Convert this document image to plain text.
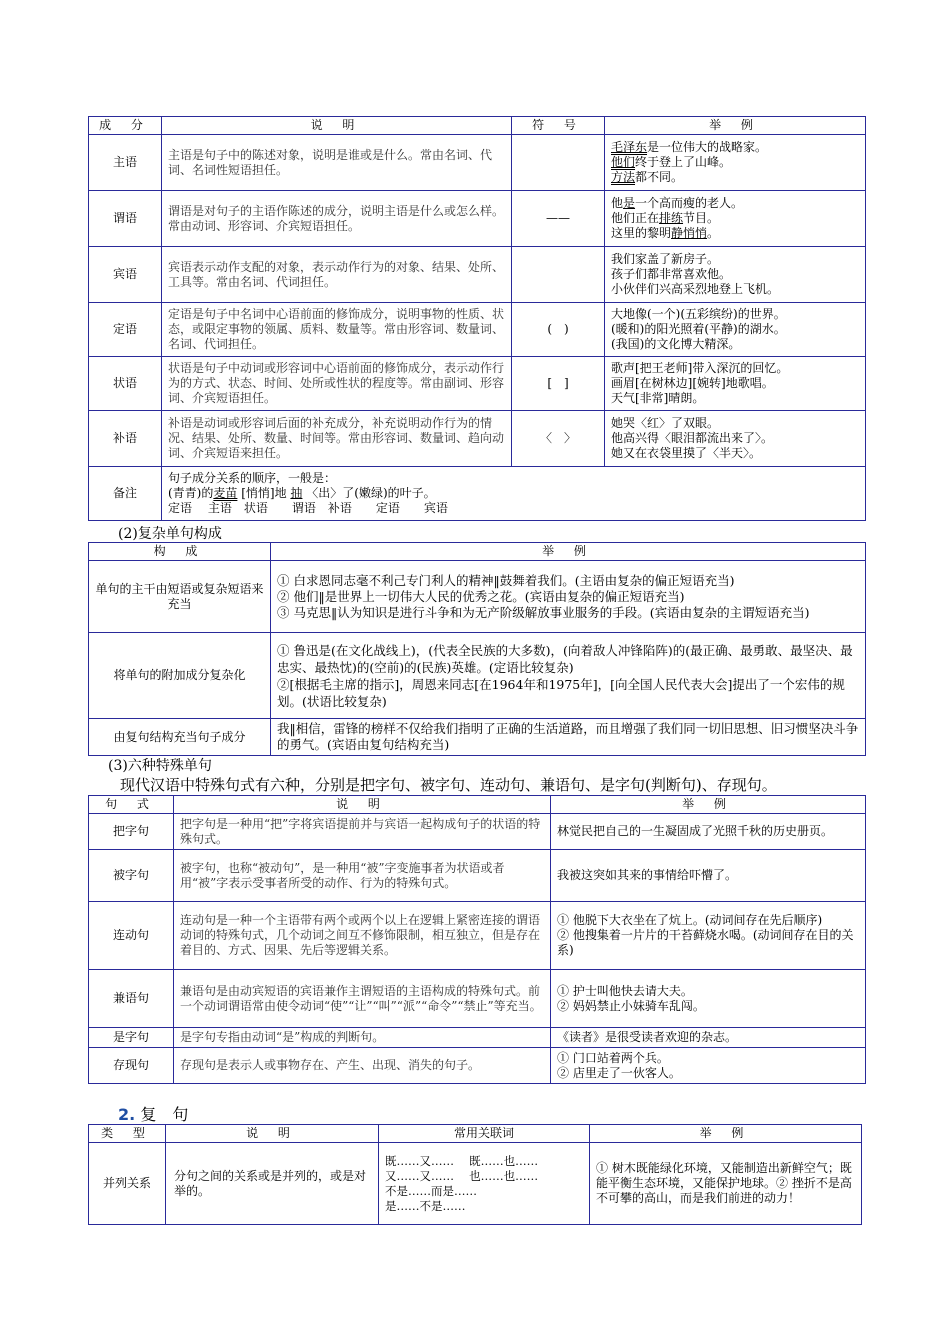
成 分	说 明	符 号	举 例
主语	主语是句子中的陈述对象，说明是谁或是什么。常由名词、代词、名词性短语担任。		毛泽东是一位伟大的战略家。
他们终于登上了山峰。
方法都不同。

谓语	谓语是对句子的主语作陈述的成分，说明主语是什么或怎么样。常由动词、形容词、介宾短语担任。	——	他是一个高而瘦的老人。
他们正在排练节目。
这里的黎明静悄悄。

宾语	宾语表示动作支配的对象，表示动作行为的对象、结果、处所、工具等。常由名词、代词担任。		我们家盖了新房子。
孩子们都非常喜欢他。
小伙伴们兴高采烈地登上飞机。

定语	定语是句子中名词中心语前面的修饰成分，说明事物的性质、状态，或限定事物的领属、质料、数量等。常由形容词、数量词、名词、代词担任。	(　)	大地像(一个)(五彩缤纷)的世界。
(暖和)的阳光照着(平静)的湖水。
(我国)的文化博大精深。

状语	状语是句子中动词或形容词中心语前面的修饰成分，表示动作行为的方式、状态、时间、处所或性状的程度等。常由副词、形容词、介宾短语担任。	[　]	歌声[把王老师]带入深沉的回忆。
画眉[在树林边][婉转]地歌唱。
天气[非常]晴朗。

补语	补语是动词或形容词后面的补充成分，补充说明动作行为的情况、结果、处所、数量、时间等。常由形容词、数量词、趋向动词、介宾短语来担任。	〈　〉	她哭〈红〉了双眼。
他高兴得〈眼泪都流出来了〉。
她又在衣袋里摸了〈半天〉。

备注	句子成分关系的顺序，一般是：
(青青)的麦苗 [悄悄]地 抽 〈出〉了(嫩绿)的叶子。
定语　 主语　状语　　谓语　补语　　定语　　宾语		
(2)复杂单句构成
构 成	举 例
单句的主干由短语或复杂短语来充当	① 白求恩同志毫不利己专门利人的精神‖鼓舞着我们。(主语由复杂的偏正短语充当)
② 他们‖是世界上一切伟大人民的优秀之花。(宾语由复杂的偏正短语充当)
③ 马克思‖认为知识是进行斗争和为无产阶级解放事业服务的手段。(宾语由复杂的主谓短语充当)

将单句的附加成分复杂化	① 鲁迅是(在文化战线上)，(代表全民族的大多数)，(向着敌人冲锋陷阵)的(最正确、最勇敢、最坚决、最忠实、最热忱)的(空前)的(民族)英雄。(定语比较复杂)
②[根据毛主席的指示]，周恩来同志[在1964年和1975年]，[向全国人民代表大会]提出了一个宏伟的规划。(状语比较复杂)

由复句结构充当句子成分	我‖相信，雷锋的榜样不仅给我们指明了正确的生活道路，而且增强了我们同一切旧思想、旧习惯坚决斗争的勇气。(宾语由复句结构充当)
(3)六种特殊单句
现代汉语中特殊句式有六种，分别是把字句、被字句、连动句、兼语句、是字句(判断句)、存现句。
句 式	说 明	举 例
把字句	把字句是一种用“把”字将宾语提前并与宾语一起构成句子的状语的特殊句式。	林觉民把自己的一生凝固成了光照千秋的历史册页。

被字句	被字句，也称“被动句”，是一种用“被”字变施事者为状语或者用“被”字表示受事者所受的动作、行为的特殊句式。	我被这突如其来的事情给吓懵了。

连动句	连动句是一种一个主语带有两个或两个以上在逻辑上紧密连接的谓语动词的特殊句式，几个动词之间互不修饰限制，相互独立，但是存在着目的、方式、因果、先后等逻辑关系。	① 他脱下大衣坐在了炕上。(动词间存在先后顺序)
② 他搜集着一片片的干苔藓烧水喝。(动词间存在目的关系)

兼语句	兼语句是由动宾短语的宾语兼作主谓短语的主语构成的特殊句式。前一个动词谓语常由使令动词“使”“让”“叫”“派”“命令”“禁止”等充当。	① 护士叫他快去请大夫。
② 妈妈禁止小妹骑车乱闯。

是字句	是字句专指由动词“是”构成的判断句。	《读者》是很受读者欢迎的杂志。

存现句	存现句是表示人或事物存在、产生、出现、消失的句子。	① 门口站着两个兵。
② 店里走了一伙客人。
2. 复　句
类 型	说 明	常用关联词	举 例
并列关系	分句之间的关系或是并列的，或是对举的。	既……又……　 既……也……
又……又……　 也……也……
不是……而是……
是……不是……	① 树木既能绿化环境，又能制造出新鲜空气；既能平衡生态环境，又能保护地球。② 挫折不是高不可攀的高山，而是我们前进的动力！
